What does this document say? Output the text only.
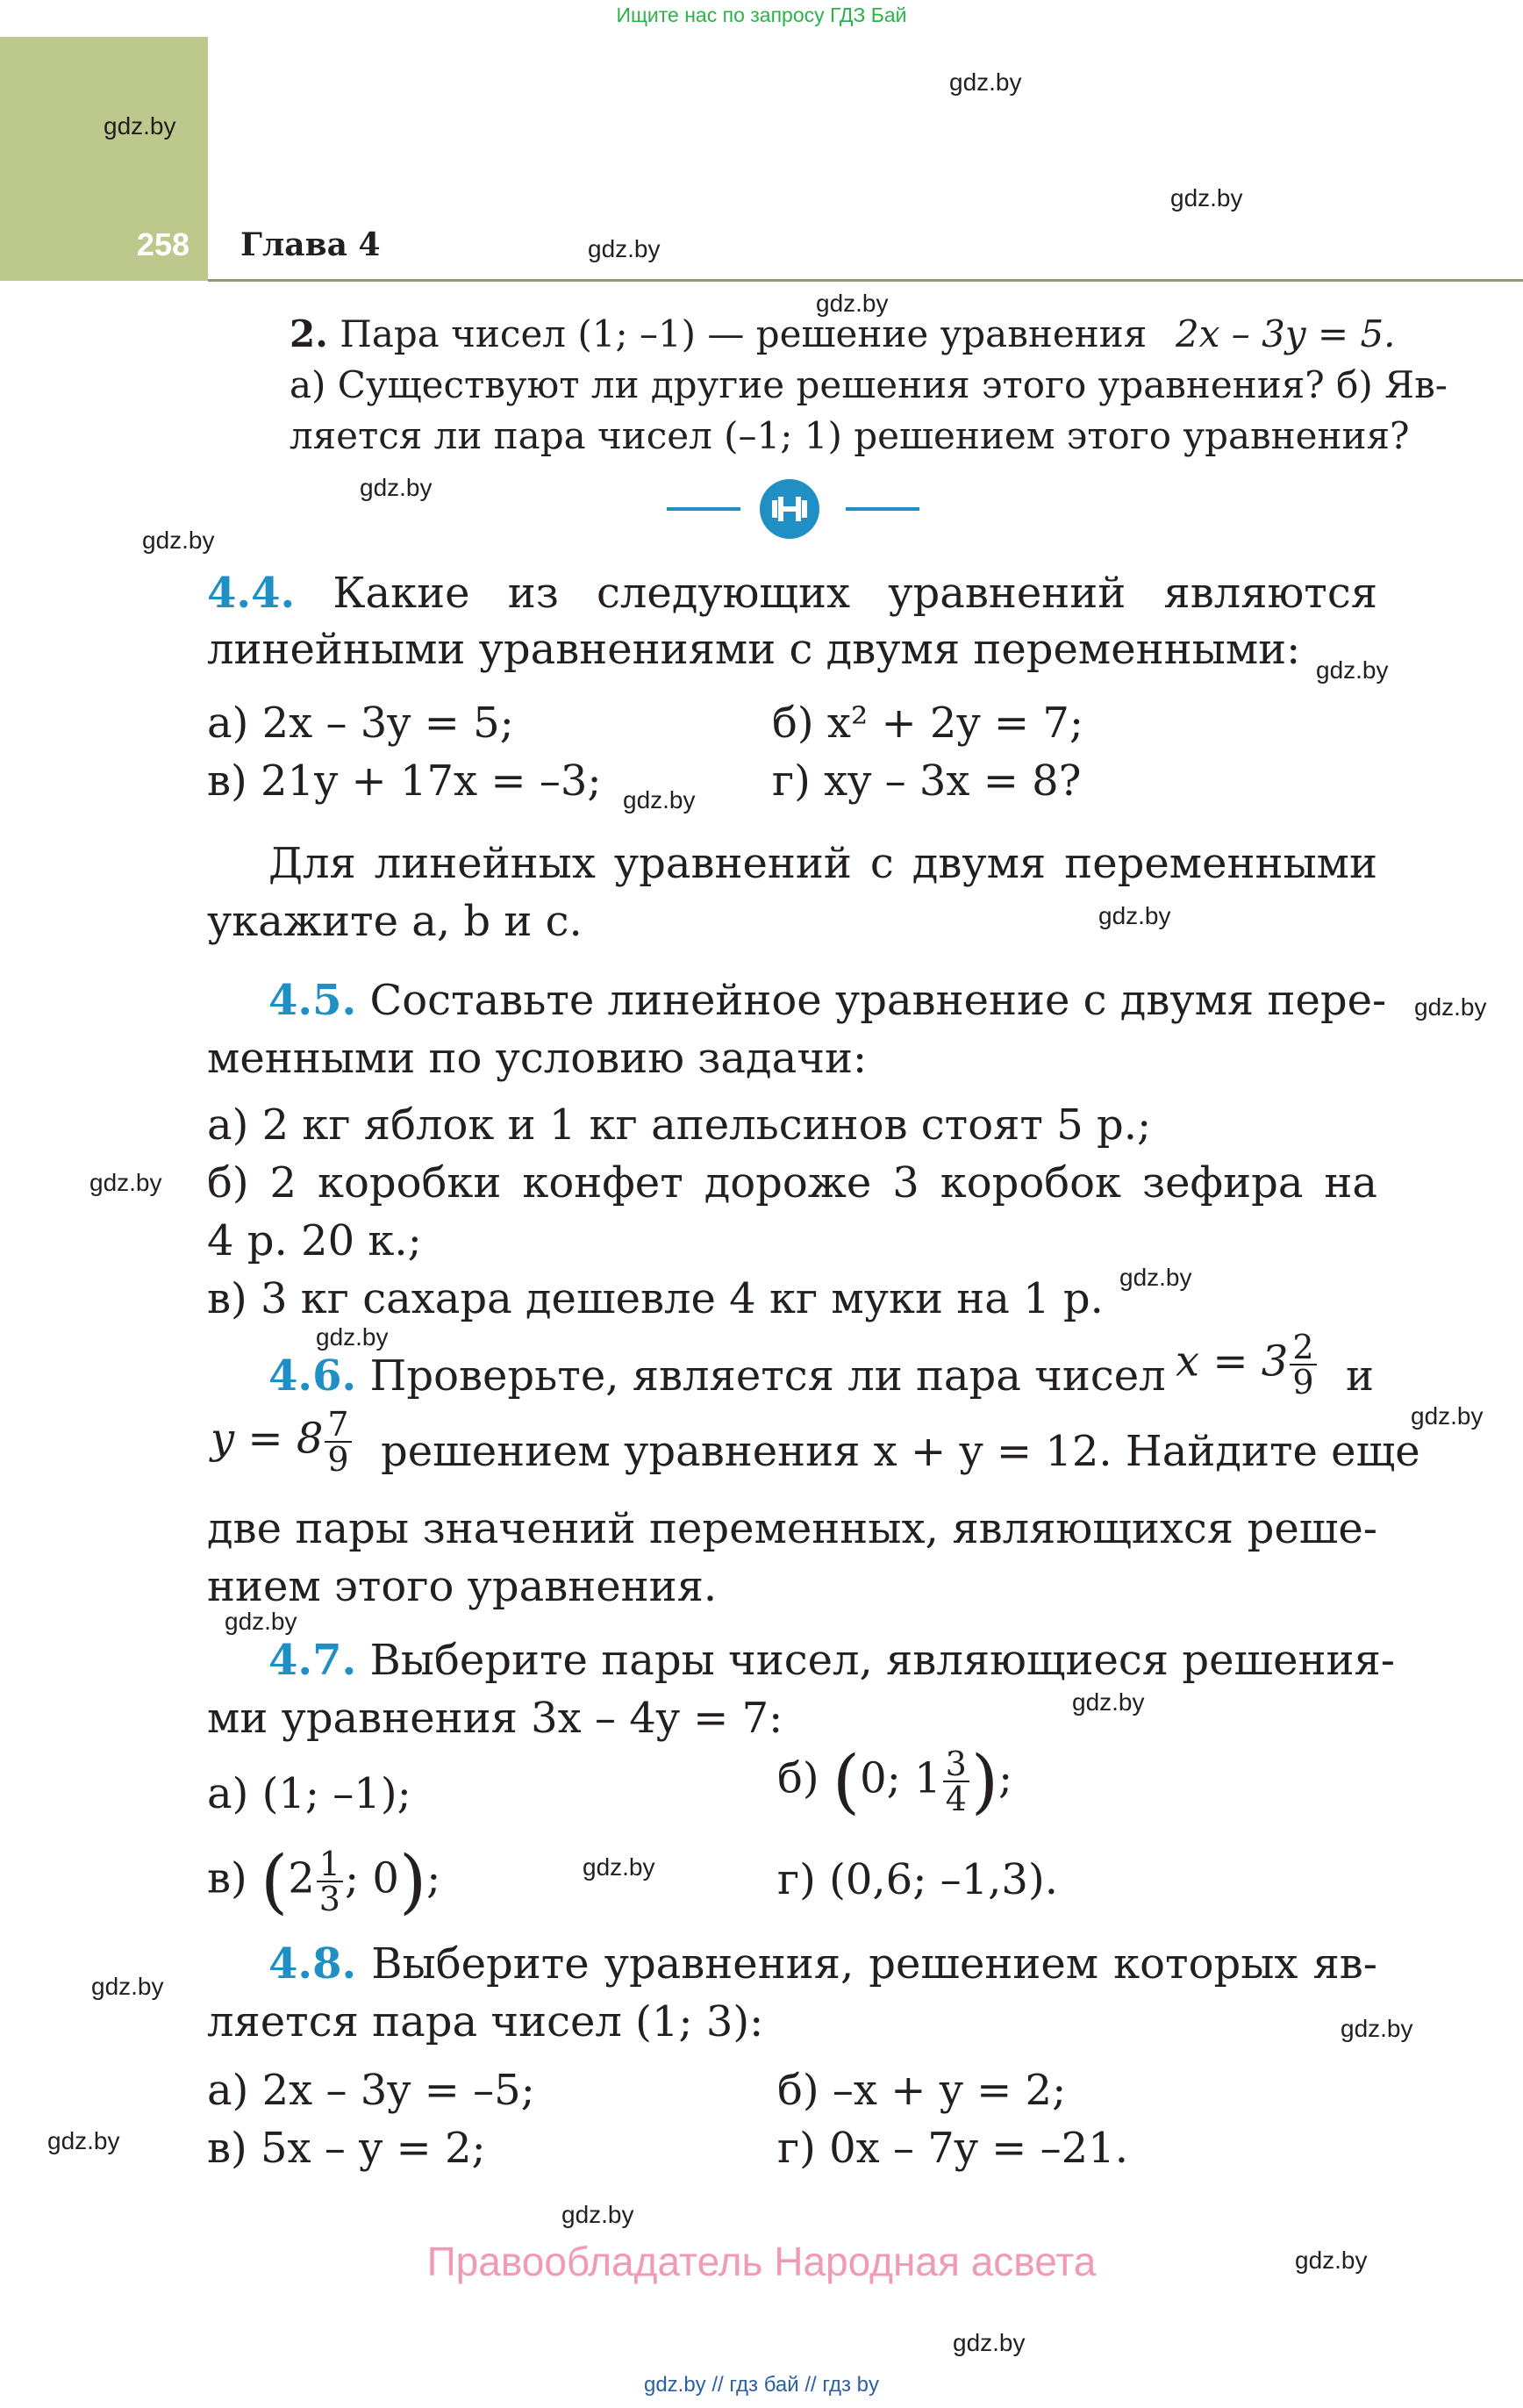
Ищите нас по запросу ГДЗ Бай
258 Глава 4
gdz.by
gdz.by
gdz.by
gdz.by
gdz.by
gdz.by
gdz.by
gdz.by
gdz.by
gdz.by
gdz.by
gdz.by
gdz.by
gdz.by
gdz.by
gdz.by
gdz.by
gdz.by
gdz.by
gdz.by
gdz.by
gdz.by
gdz.by
gdz.by
2. Пара чисел (1; –1) — решение уравнения 2x – 3y = 5.
а) Существуют ли другие решения этого уравнения? б) Яв-
ляется ли пара чисел (–1; 1) решением этого уравнения?
4.4. Какие из следующих уравнений являются
линейными уравнениями с двумя переменными:
а) 2x – 3y = 5;	б) x² + 2y = 7;
в) 21y + 17x = –3;	г) xy – 3x = 8?
Для линейных уравнений с двумя переменными
укажите a, b и c.
4.5. Составьте линейное уравнение с двумя пере-
менными по условию задачи:
а) 2 кг яблок и 1 кг апельсинов стоят 5 р.;
б) 2 коробки конфет дороже 3 коробок зефира на
4 р. 20 к.;
в) 3 кг сахара дешевле 4 кг муки на 1 р.
4.6. Проверьте, является ли пара чисел $x = 3 \frac{2}{9}$ и
$y = 8 \frac{7}{9}$ решением уравнения x + y = 12. Найдите еще
две пары значений переменных, являющихся реше-
нием этого уравнения.
4.7. Выберите пары чисел, являющиеся решения-
ми уравнения 3x – 4y = 7:
а) (1; –1);	б) (0; $1 \frac{3}{4}$ );
в) ($2 \frac{1}{3}$ ; 0);	г) (0,6; –1,3).
4.8. Выберите уравнения, решением которых яв-
ляется пара чисел (1; 3):
а) 2x – 3y = –5;	б) –x + y = 2;
в) 5x – y = 2;	г) 0x – 7y = –21.
Правообладатель Народная асвета
gdz.by // гдз бай // гдз by
